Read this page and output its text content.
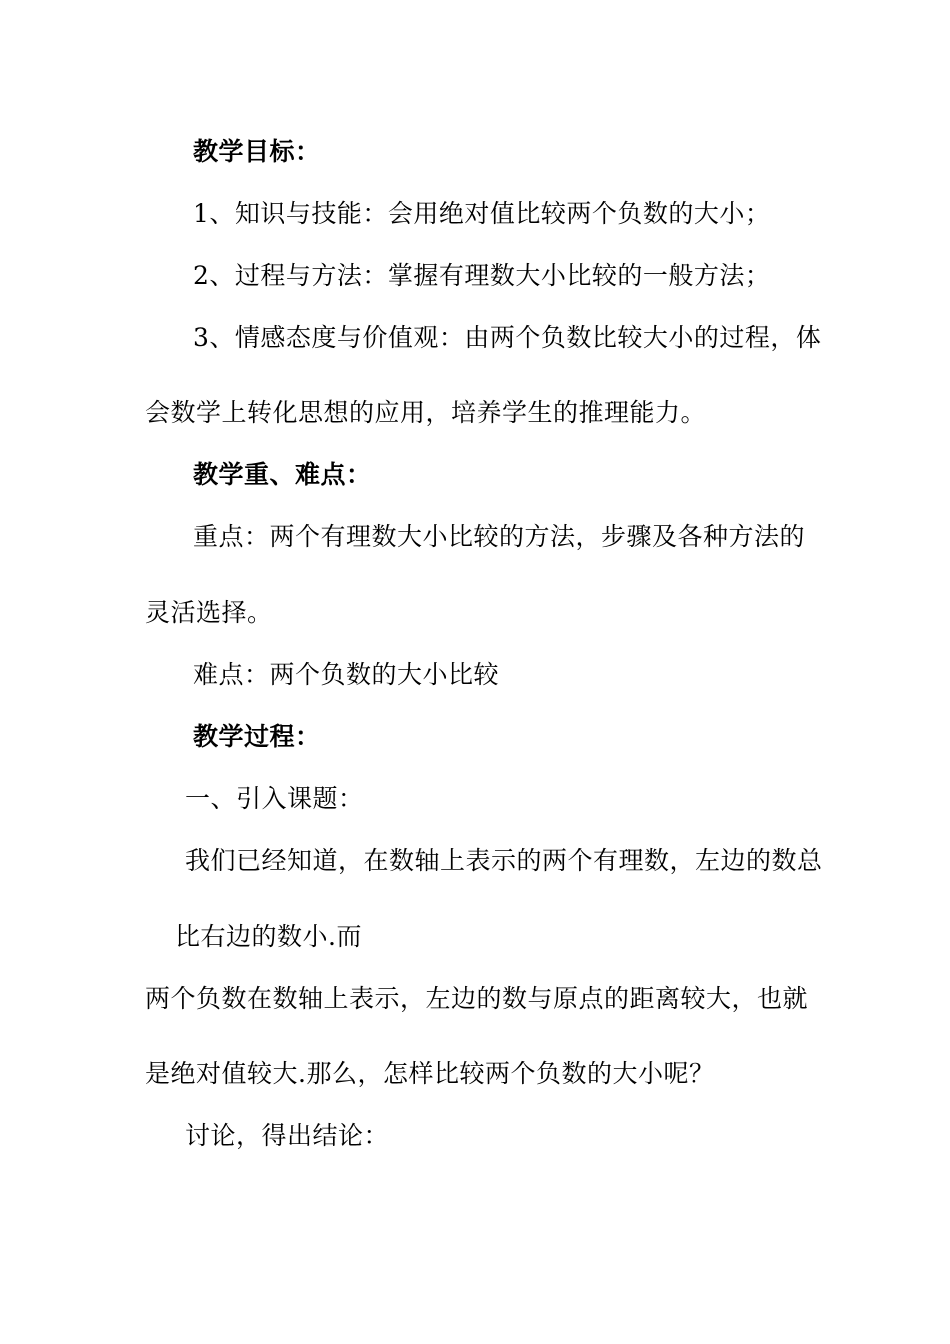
教学目标：
1、知识与技能：会用绝对值比较两个负数的大小；
2、过程与方法：掌握有理数大小比较的一般方法；
3、情感态度与价值观：由两个负数比较大小的过程，体
会数学上转化思想的应用，培养学生的推理能力。
教学重、难点：
重点：两个有理数大小比较的方法，步骤及各种方法的
灵活选择。
难点：两个负数的大小比较
教学过程：
一、引入课题：
我们已经知道，在数轴上表示的两个有理数，左边的数总
比右边的数小.而
两个负数在数轴上表示，左边的数与原点的距离较大，也就
是绝对值较大.那么，怎样比较两个负数的大小呢？
讨论，得出结论：
